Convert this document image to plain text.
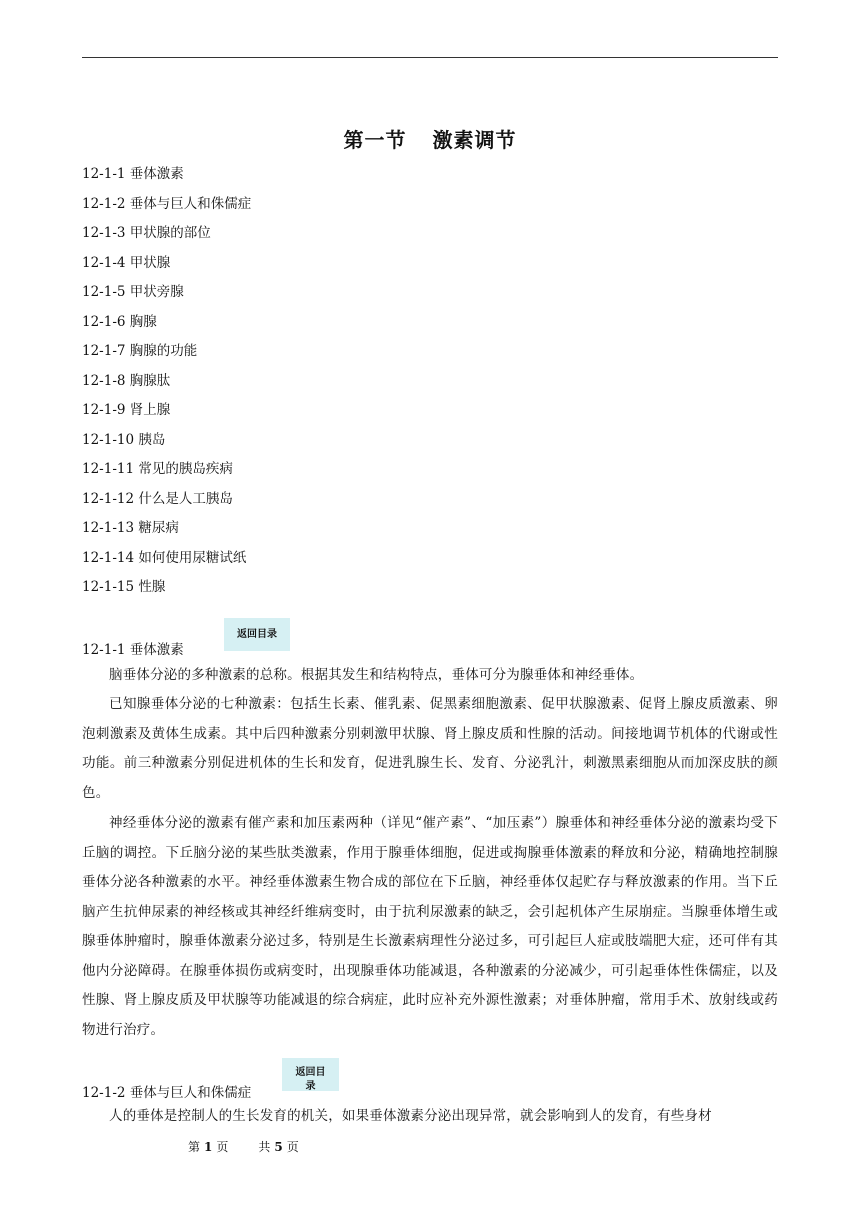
第一节 激素调节
12-1-1 垂体激素
12-1-2 垂体与巨人和侏儒症
12-1-3 甲状腺的部位
12-1-4 甲状腺
12-1-5 甲状旁腺
12-1-6 胸腺
12-1-7 胸腺的功能
12-1-8 胸腺肽
12-1-9 肾上腺
12-1-10 胰岛
12-1-11 常见的胰岛疾病
12-1-12 什么是人工胰岛
12-1-13 糖尿病
12-1-14 如何使用尿糖试纸
12-1-15 性腺
12-1-1 垂体激素
返回目录

脑垂体分泌的多种激素的总称。根据其发生和结构特点，垂体可分为腺垂体和神经垂体。

已知腺垂体分泌的七种激素：包括生长素、催乳素、促黑素细胞激素、促甲状腺激素、促肾上腺皮质激素、卵泡刺激素及黄体生成素。其中后四种激素分别刺激甲状腺、肾上腺皮质和性腺的活动。间接地调节机体的代谢或性功能。前三种激素分别促进机体的生长和发育，促进乳腺生长、发育、分泌乳汁，刺激黑素细胞从而加深皮肤的颜色。

神经垂体分泌的激素有催产素和加压素两种（详见“催产素”、“加压素”）腺垂体和神经垂体分泌的激素均受下丘脑的调控。下丘脑分泌的某些肽类激素，作用于腺垂体细胞，促进或掏腺垂体激素的释放和分泌，精确地控制腺垂体分泌各种激素的水平。神经垂体激素生物合成的部位在下丘脑，神经垂体仅起贮存与释放激素的作用。当下丘脑产生抗伸尿素的神经核或其神经纤维病变时，由于抗利尿激素的缺乏，会引起机体产生尿崩症。当腺垂体增生或腺垂体肿瘤时，腺垂体激素分泌过多，特别是生长激素病理性分泌过多，可引起巨人症或肢端肥大症，还可伴有其他内分泌障碍。在腺垂体损伤或病变时，出现腺垂体功能减退，各种激素的分泌减少，可引起垂体性侏儒症，以及性腺、肾上腺皮质及甲状腺等功能减退的综合病症，此时应补充外源性激素；对垂体肿瘤，常用手术、放射线或药物进行治疗。

12-1-2 垂体与巨人和侏儒症
返回目
录

人的垂体是控制人的生长发育的机关，如果垂体激素分泌出现异常，就会影响到人的发育，有些身材

第 1 页	共 5 页
